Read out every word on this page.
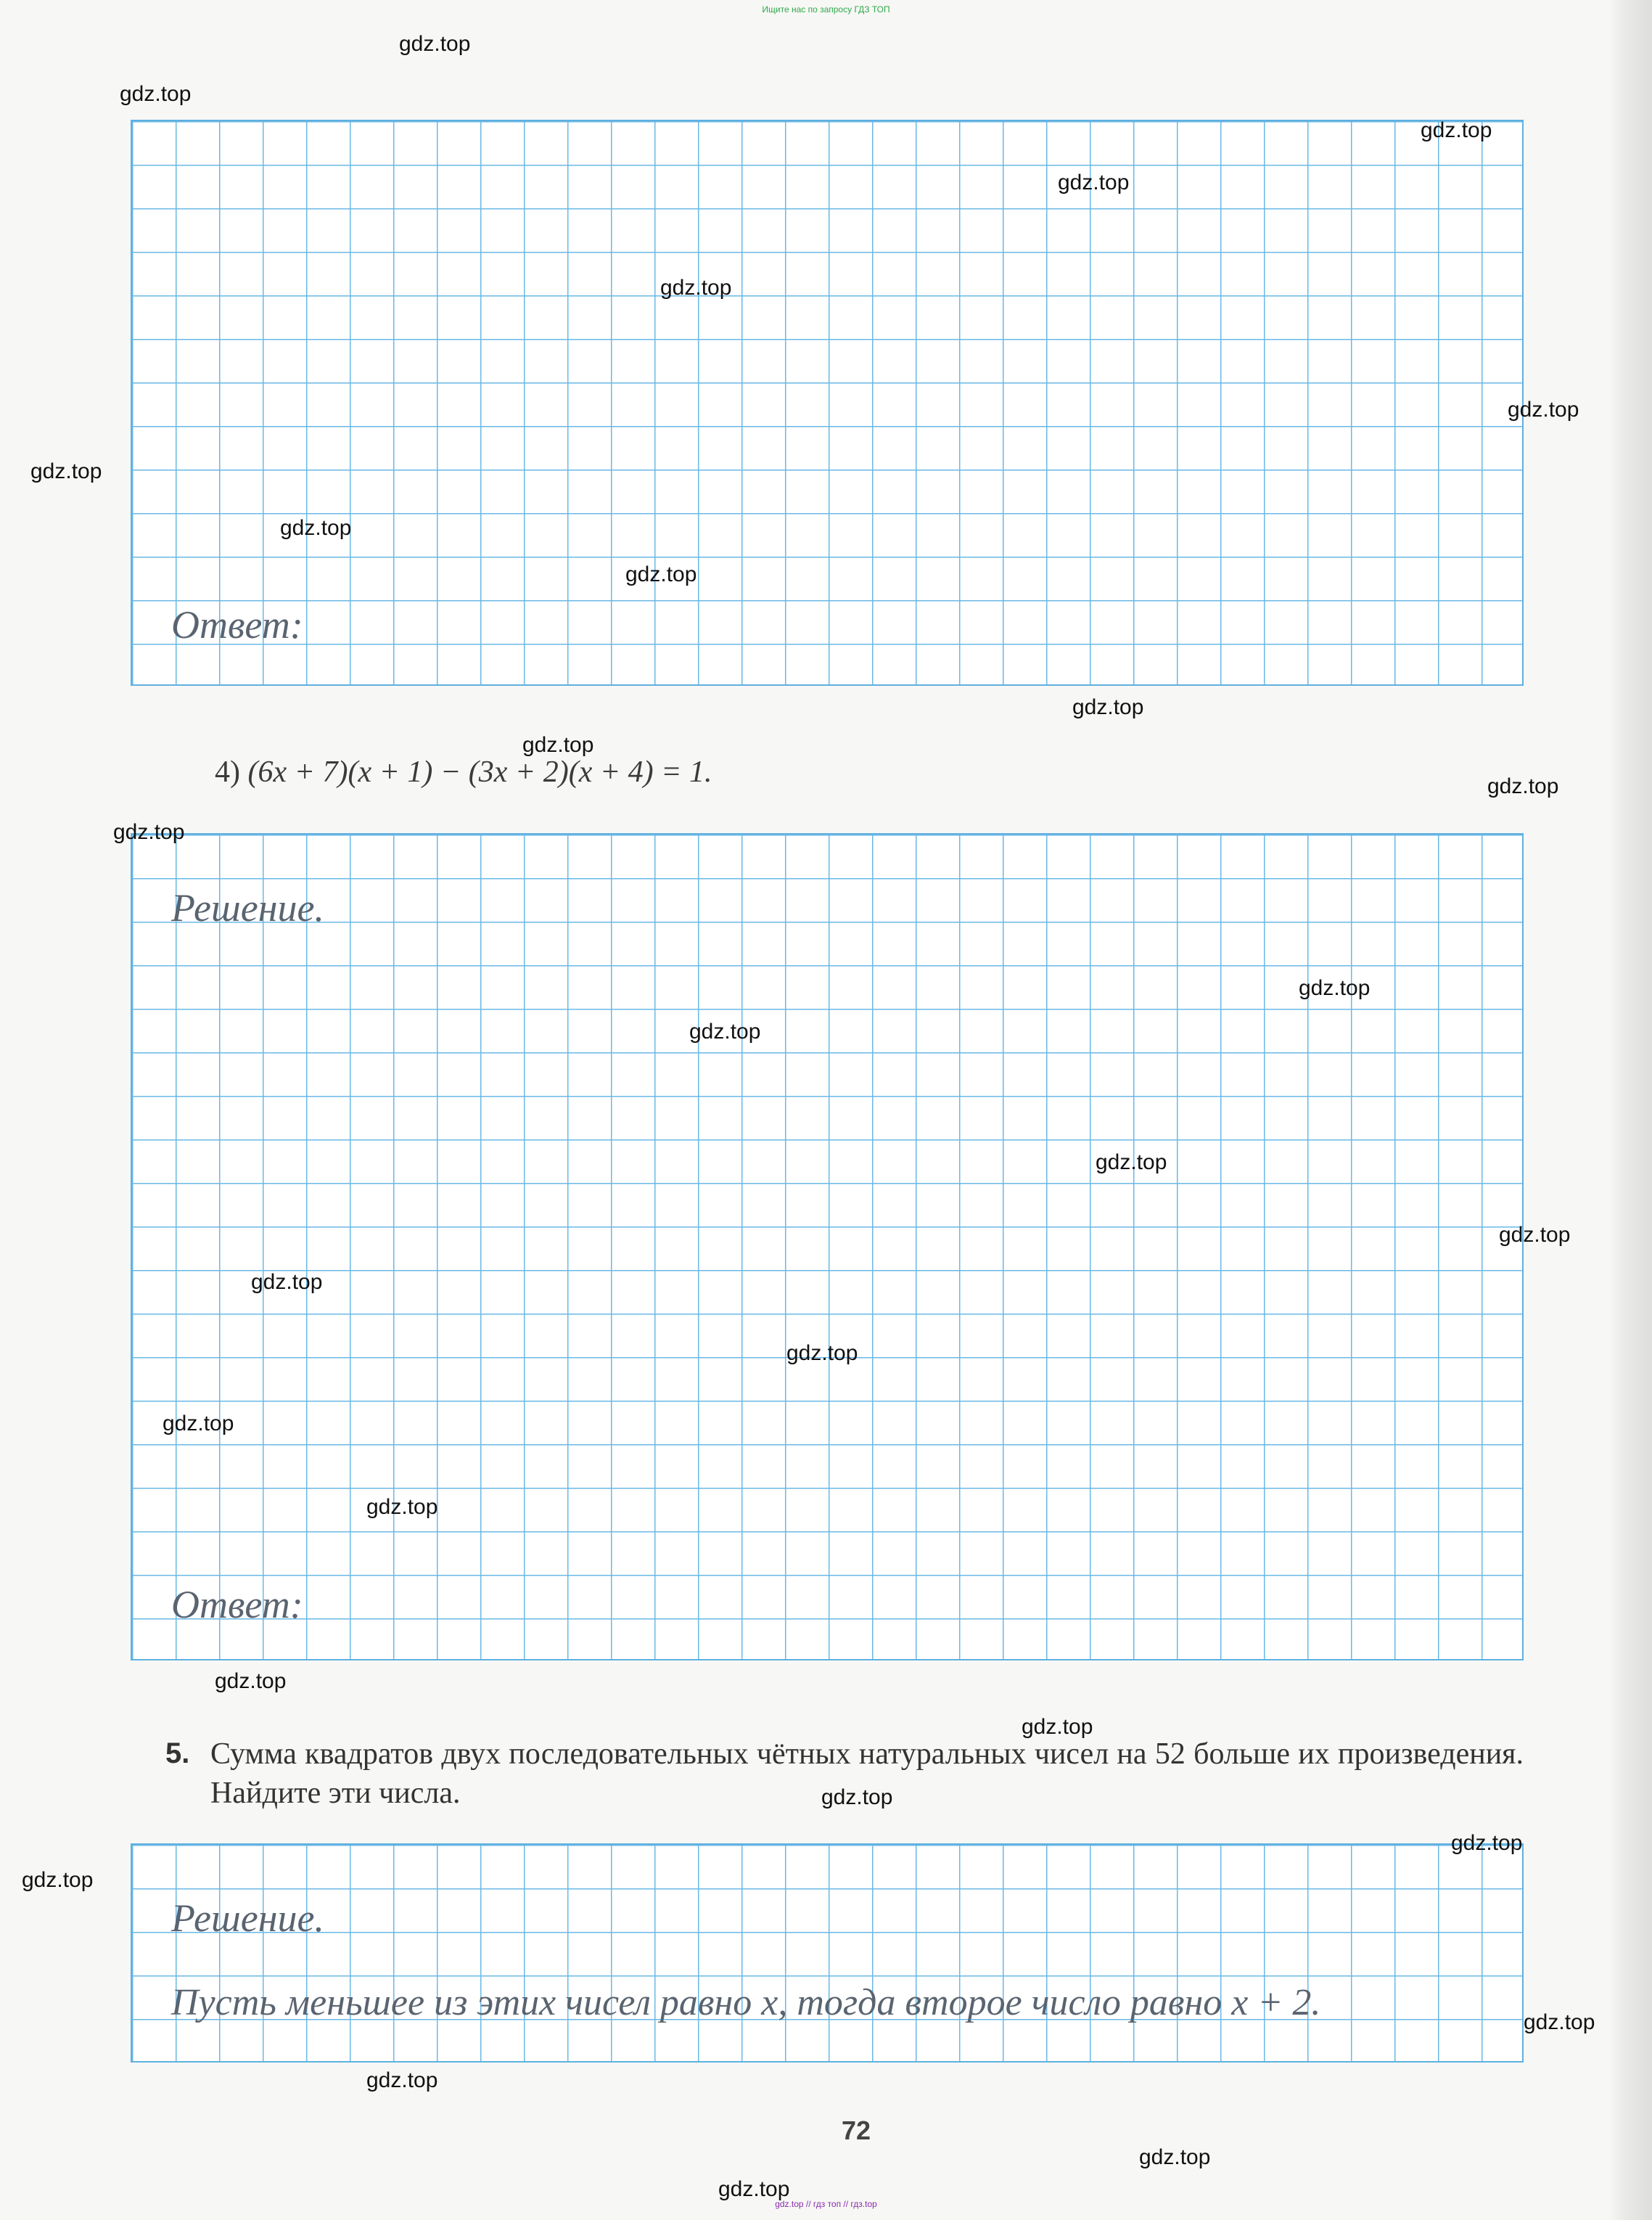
Ищите нас по запросу ГДЗ ТОП
Ответ:
4) (6x + 7)(x + 1) − (3x + 2)(x + 4) = 1.
Решение.
Ответ:
5. Сумма квадратов двух последовательных чётных натуральных чисел на 52 больше их произведения. Найдите эти числа.
Решение.
Пусть меньшее из этих чисел равно x, тогда второе число равно x + 2.
72
gdz.top // гдз топ // гдз.top
gdz.top
gdz.top
gdz.top
gdz.top
gdz.top
gdz.top
gdz.top
gdz.top
gdz.top
gdz.top
gdz.top
gdz.top
gdz.top
gdz.top
gdz.top
gdz.top
gdz.top
gdz.top
gdz.top
gdz.top
gdz.top
gdz.top
gdz.top
gdz.top
gdz.top
gdz.top
gdz.top
gdz.top
gdz.top
gdz.top
